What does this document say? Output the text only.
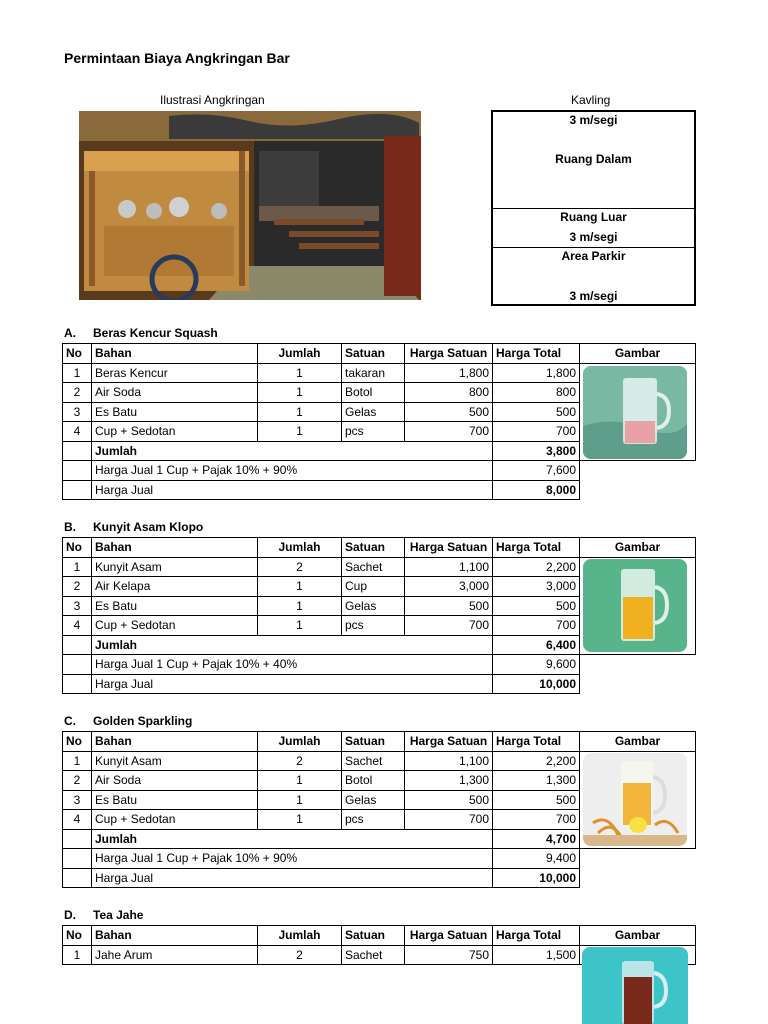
Permintaan Biaya Angkringan Bar
Ilustrasi Angkringan	Kavling
3 m/segi
Ruang Dalam
Ruang Luar
3 m/segi
Area Parkir
3 m/segi
A. Beras Kencur Squash
No	Bahan	Jumlah	Satuan	Harga Satuan	Harga Total	Gambar
1	Beras Kencur	1	takaran	1,800	1,800	
2	Air Soda	1	Botol	800	800	
3	Es Batu	1	Gelas	500	500	
4	Cup + Sedotan	1	pcs	700	700	
	Jumlah				3,800	
	Harga Jual 1 Cup + Pajak 10% + 90%				7,600	
	Harga Jual				8,000	
B. Kunyit Asam Klopo
No	Bahan	Jumlah	Satuan	Harga Satuan	Harga Total	Gambar
1	Kunyit Asam	2	Sachet	1,100	2,200	
2	Air Kelapa	1	Cup	3,000	3,000	
3	Es Batu	1	Gelas	500	500	
4	Cup + Sedotan	1	pcs	700	700	
	Jumlah				6,400	
	Harga Jual 1 Cup + Pajak 10% + 40%				9,600	
	Harga Jual				10,000	
C. Golden Sparkling
No	Bahan	Jumlah	Satuan	Harga Satuan	Harga Total	Gambar
1	Kunyit Asam	2	Sachet	1,100	2,200	
2	Air Soda	1	Botol	1,300	1,300	
3	Es Batu	1	Gelas	500	500	
4	Cup + Sedotan	1	pcs	700	700	
	Jumlah				4,700	
	Harga Jual 1 Cup + Pajak 10% + 90%				9,400	
	Harga Jual				10,000	
D. Tea Jahe
No	Bahan	Jumlah	Satuan	Harga Satuan	Harga Total	Gambar
1	Jahe Arum	2	Sachet	750	1,500	
